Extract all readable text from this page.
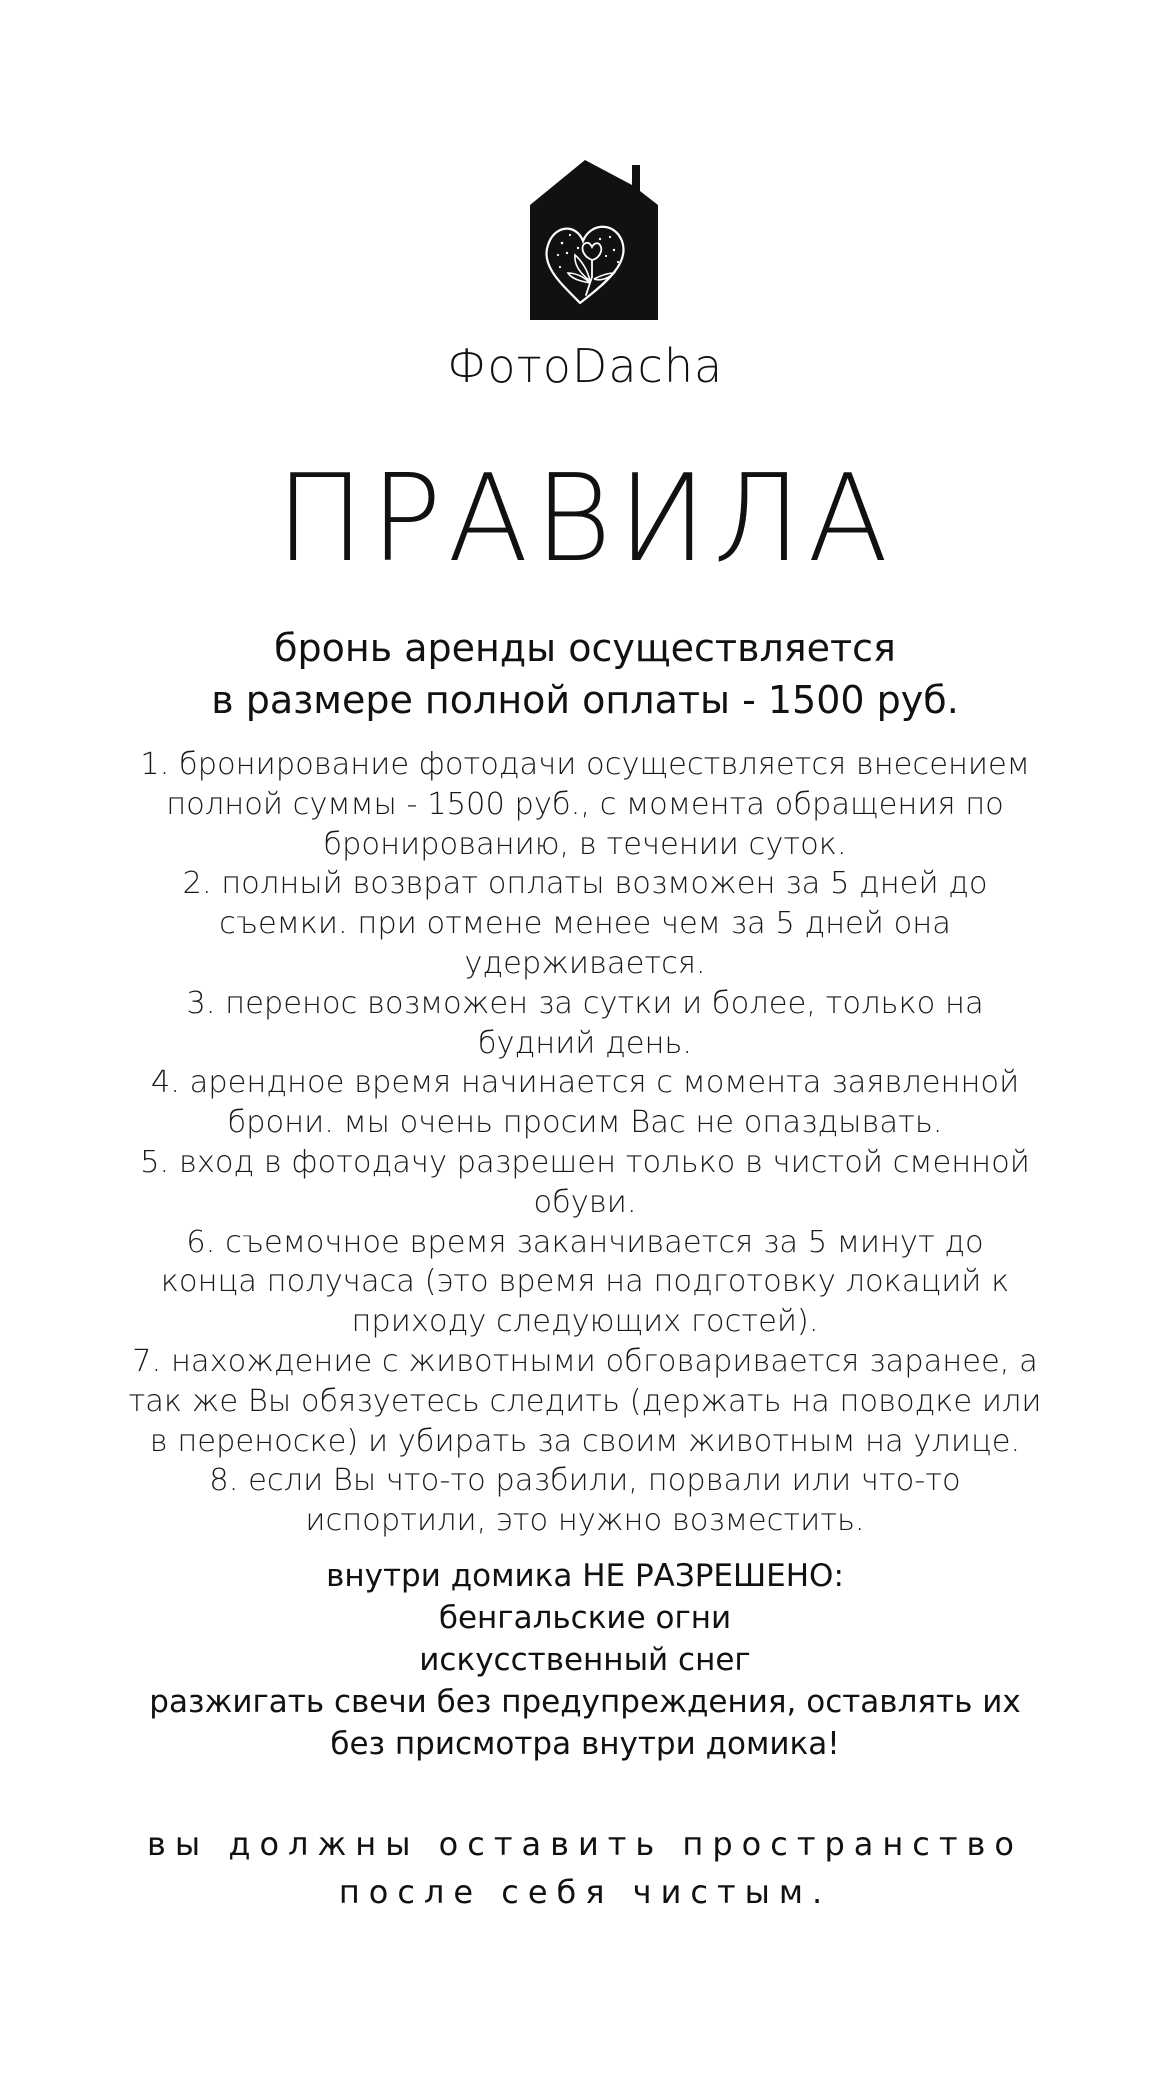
ФотоDacha
ПРАВИЛА
бронь аренды осуществляется
в размере полной оплаты - 1500 руб.
1. бронирование фотодачи осуществляется внесением
полной суммы - 1500 руб., с момента обращения по
бронированию, в течении суток.
2. полный возврат оплаты возможен за 5 дней до
съемки. при отмене менее чем за 5 дней она
удерживается.
3. перенос возможен за сутки и более, только на
будний день.
4. арендное время начинается с момента заявленной
брони. мы очень просим Вас не опаздывать.
5. вход в фотодачу разрешен только в чистой сменной
обуви.
6. съемочное время заканчивается за 5 минут до
конца получаса (это время на подготовку локаций к
приходу следующих гостей).
7. нахождение с животными обговаривается заранее, а
так же Вы обязуетесь следить (держать на поводке или
в переноске) и убирать за своим животным на улице.
8. если Вы что-то разбили, порвали или что-то
испортили, это нужно возместить.
внутри домика НЕ РАЗРЕШЕНО:
бенгальские огни
искусственный снег
разжигать свечи без предупреждения, оставлять их
без присмотра внутри домика!
вы должны оставить пространство
после себя чистым.
